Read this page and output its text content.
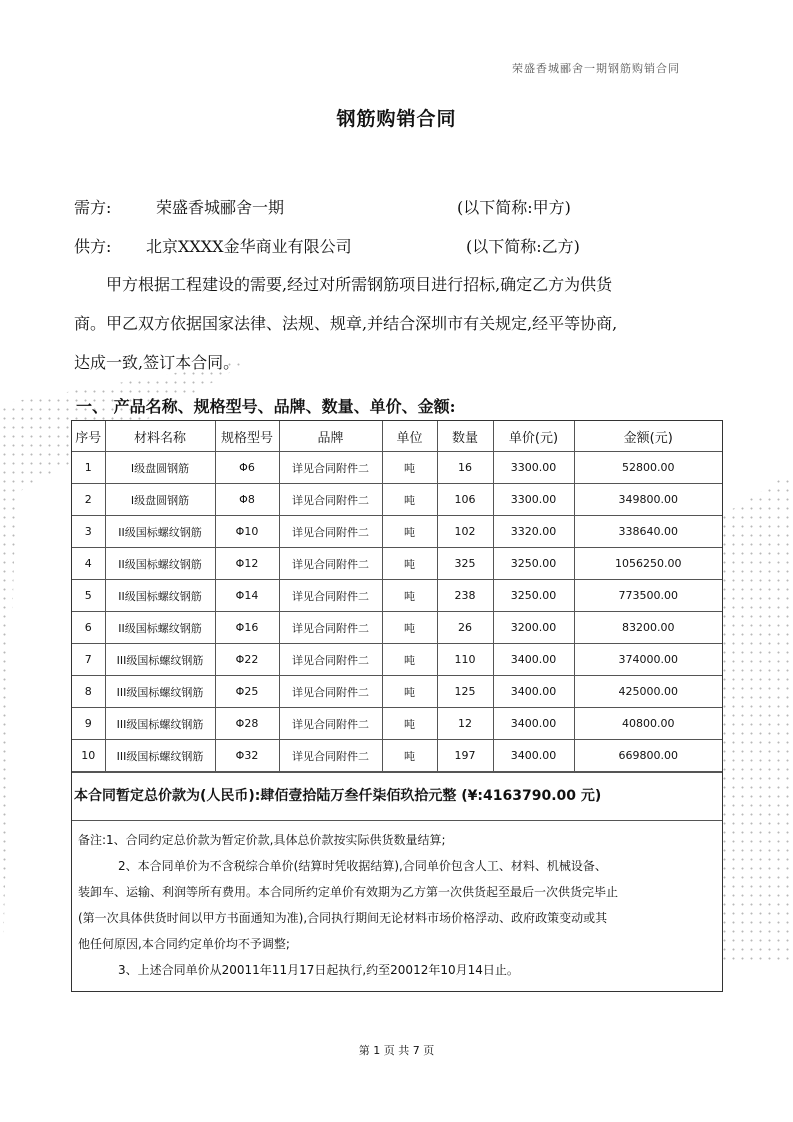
荣盛香城郦舍一期钢筋购销合同
钢筋购销合同
需方:	荣盛香城郦舍一期	(以下简称:甲方)
供方: 北京XXXX金华商业有限公司	(以下简称:乙方)
甲方根据工程建设的需要,经过对所需钢筋项目进行招标,确定乙方为供货
商。甲乙双方依据国家法律、法规、规章,并结合深圳市有关规定,经平等协商,
达成一致,签订本合同。
一、 产品名称、规格型号、品牌、数量、单价、金额:
序号	材料名称	规格型号	品牌	单位	数量	单价(元)	金额(元)
1	I级盘圆钢筋	Φ6	详见合同附件二	吨	16	3300.00	52800.00
2	I级盘圆钢筋	Φ8	详见合同附件二	吨	106	3300.00	349800.00
3	II级国标螺纹钢筋	Φ10	详见合同附件二	吨	102	3320.00	338640.00
4	II级国标螺纹钢筋	Φ12	详见合同附件二	吨	325	3250.00	1056250.00
5	II级国标螺纹钢筋	Φ14	详见合同附件二	吨	238	3250.00	773500.00
6	II级国标螺纹钢筋	Φ16	详见合同附件二	吨	26	3200.00	83200.00
7	III级国标螺纹钢筋	Φ22	详见合同附件二	吨	110	3400.00	374000.00
8	III级国标螺纹钢筋	Φ25	详见合同附件二	吨	125	3400.00	425000.00
9	III级国标螺纹钢筋	Φ28	详见合同附件二	吨	12	3400.00	40800.00
10	III级国标螺纹钢筋	Φ32	详见合同附件二	吨	197	3400.00	669800.00
本合同暂定总价款为(人民币):肆佰壹拾陆万叁仟柒佰玖拾元整 (¥:4163790.00 元)

备注:1、合同约定总价款为暂定价款,具体总价款按实际供货数量结算;

2、本合同单价为不含税综合单价(结算时凭收据结算),合同单价包含人工、材料、机械设备、

装卸车、运输、利润等所有费用。本合同所约定单价有效期为乙方第一次供货起至最后一次供货完毕止

(第一次具体供货时间以甲方书面通知为准),合同执行期间无论材料市场价格浮动、政府政策变动或其

他任何原因,本合同约定单价均不予调整;

3、上述合同单价从20011年11月17日起执行,约至20012年10月14日止。

第 1 页 共 7 页
